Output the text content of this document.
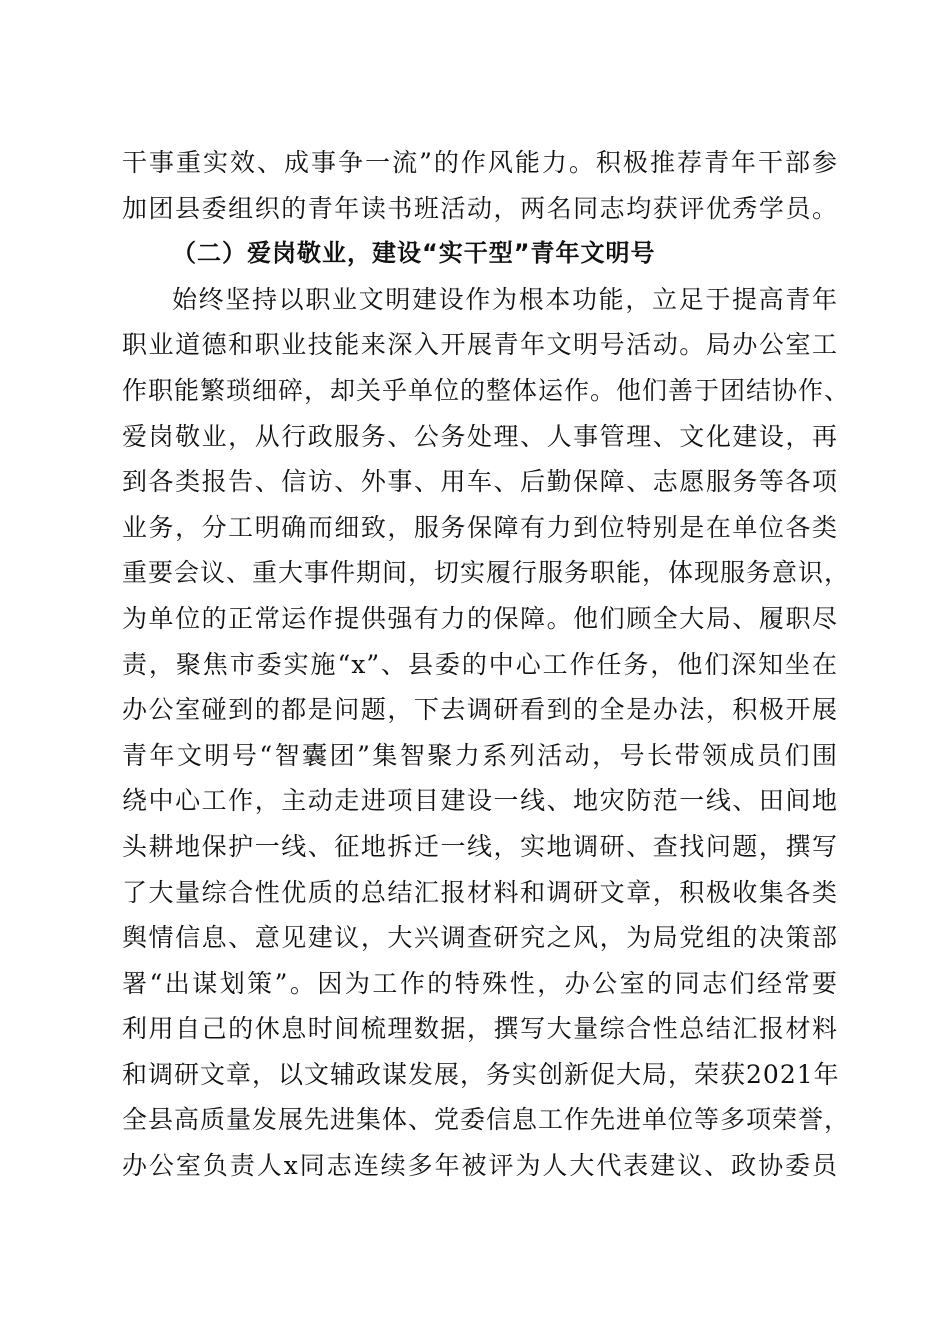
干事重实效、成事争一流”的作风能力。积极推荐青年干部参
加团县委组织的青年读书班活动，两名同志均获评优秀学员。
（二）爱岗敬业，建设“实干型”青年文明号
始终坚持以职业文明建设作为根本功能，立足于提高青年
职业道德和职业技能来深入开展青年文明号活动。局办公室工
作职能繁琐细碎，却关乎单位的整体运作。他们善于团结协作、
爱岗敬业，从行政服务、公务处理、人事管理、文化建设，再
到各类报告、信访、外事、用车、后勤保障、志愿服务等各项
业务，分工明确而细致，服务保障有力到位特别是在单位各类
重要会议、重大事件期间，切实履行服务职能，体现服务意识，
为单位的正常运作提供强有力的保障。他们顾全大局、履职尽
责，聚焦市委实施“x”、县委的中心工作任务，他们深知坐在
办公室碰到的都是问题，下去调研看到的全是办法，积极开展
青年文明号“智囊团”集智聚力系列活动，号长带领成员们围
绕中心工作，主动走进项目建设一线、地灾防范一线、田间地
头耕地保护一线、征地拆迁一线，实地调研、查找问题，撰写
了大量综合性优质的总结汇报材料和调研文章，积极收集各类
舆情信息、意见建议，大兴调查研究之风，为局党组的决策部
署“出谋划策”。因为工作的特殊性，办公室的同志们经常要
利用自己的休息时间梳理数据，撰写大量综合性总结汇报材料
和调研文章，以文辅政谋发展，务实创新促大局，荣获2021年
全县高质量发展先进集体、党委信息工作先进单位等多项荣誉，
办公室负责人x同志连续多年被评为人大代表建议、政协委员
